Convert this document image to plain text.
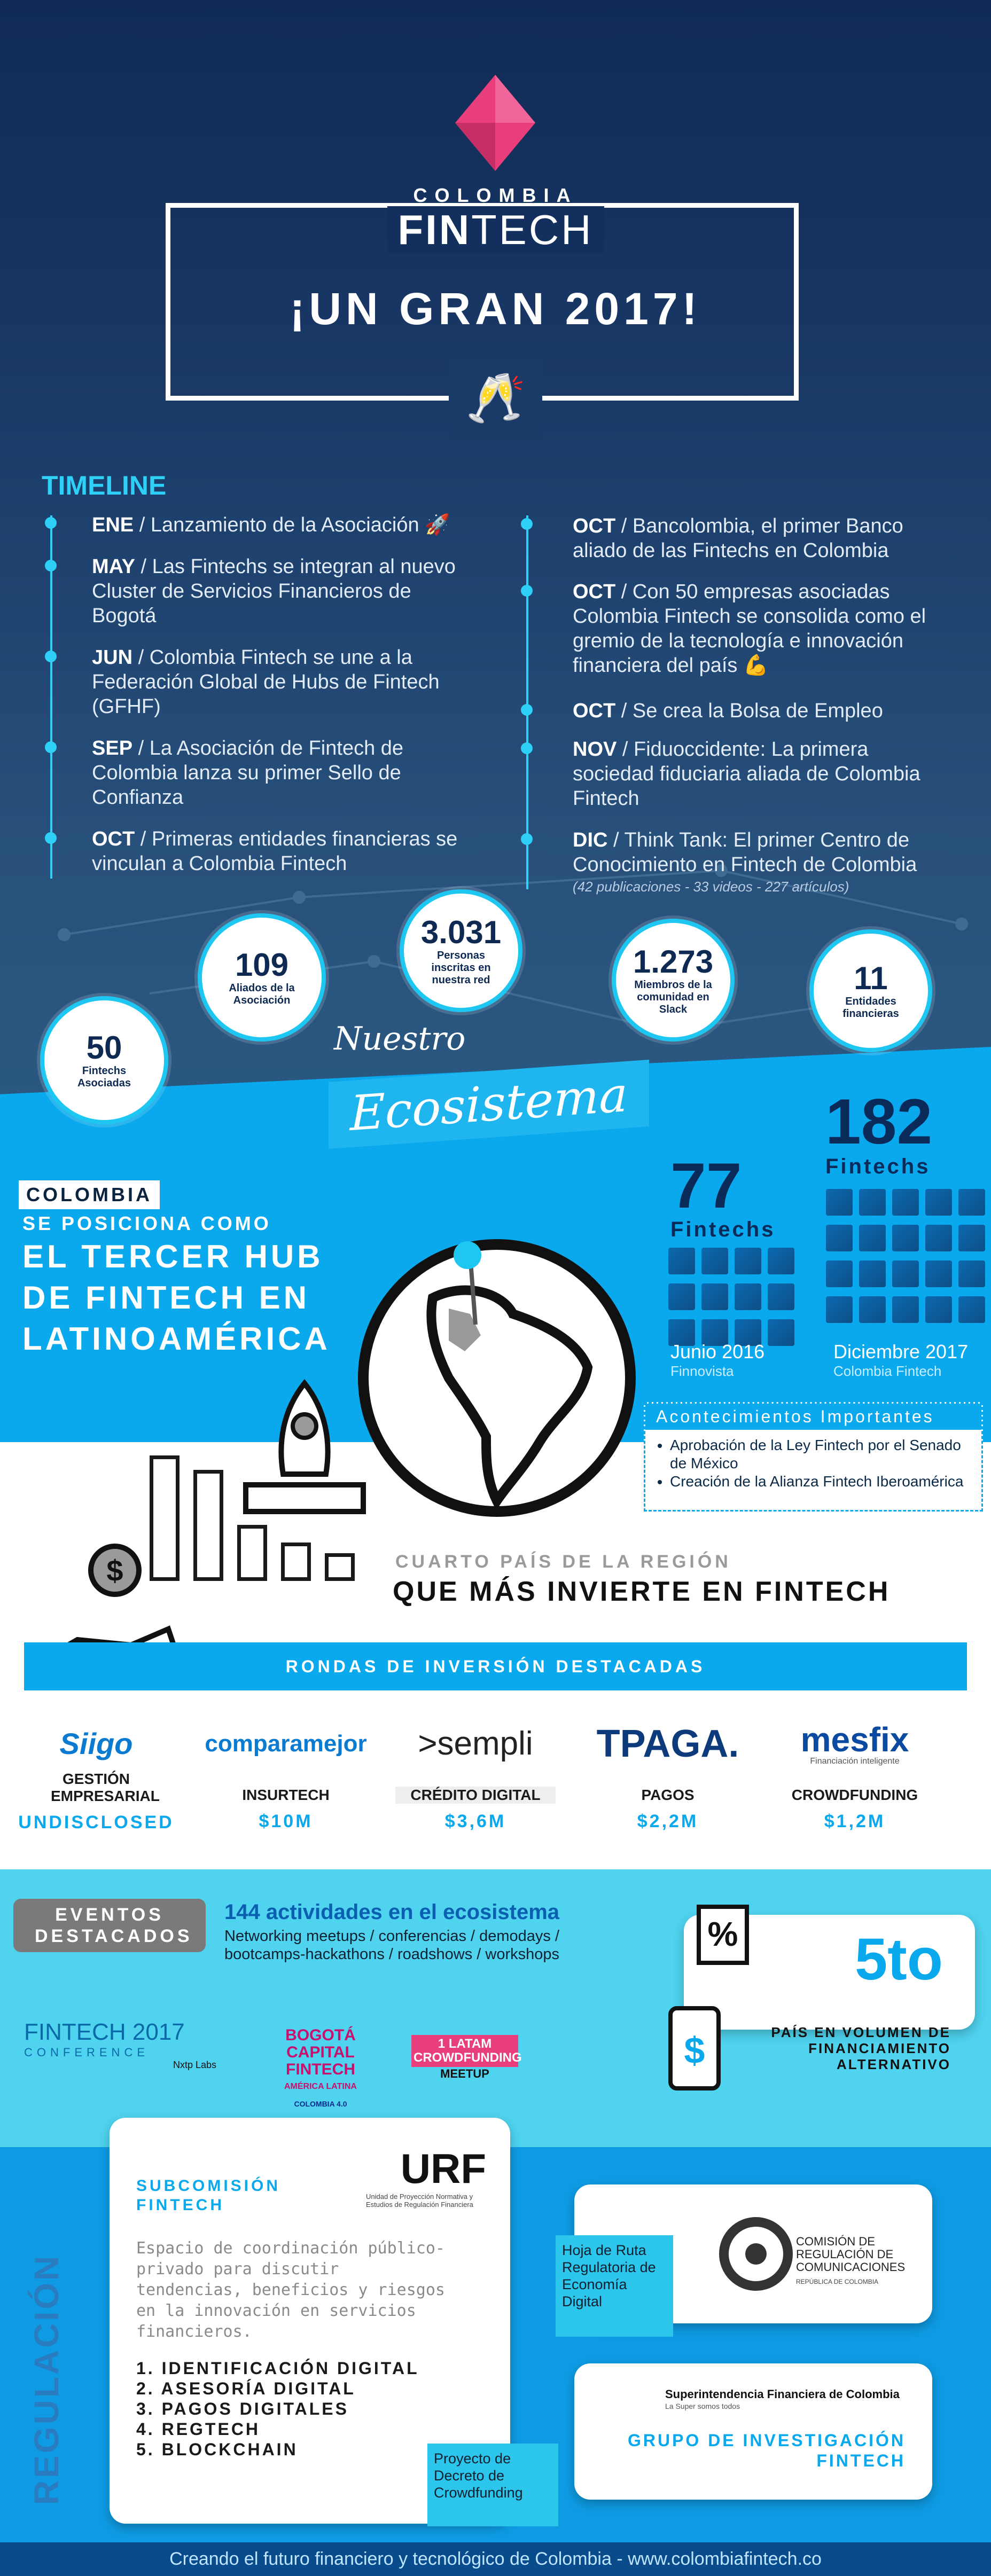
COLOMBIA
FINTECH
¡UN GRAN 2017!
🥂
TIMELINE
ENE / Lanzamiento de la Asociación 🚀
MAY / Las Fintechs se integran al nuevo Cluster de Servicios Financieros de Bogotá
JUN / Colombia Fintech se une a la Federación Global de Hubs de Fintech (GFHF)
SEP / La Asociación de Fintech de Colombia lanza su primer Sello de Confianza
OCT / Primeras entidades financieras se vinculan a Colombia Fintech
OCT / Bancolombia, el primer Banco aliado de las Fintechs en Colombia
OCT / Con 50 empresas asociadas Colombia Fintech se consolida como el gremio de la tecnología e innovación financiera del país 💪
OCT / Se crea la Bolsa de Empleo
NOV / Fiduoccidente: La primera sociedad fiduciaria aliada de Colombia Fintech
DIC / Think Tank: El primer Centro de Conocimiento en Fintech de Colombia
(42 publicaciones - 33 videos - 227 artículos)
50
Fintechs Asociadas
109
Aliados de la Asociación
3.031
Personas inscritas en nuestra red
1.273
Miembros de la comunidad en Slack
11
Entidades financieras
Nuestro
Ecosistema
COLOMBIA
SE POSICIONA COMO
EL TERCER HUB
DE FINTECH EN
LATINOAMÉRICA
77
Fintechs

Junio 2016
Finnovista
182
Fintechs

Diciembre 2017
Colombia Fintech
Acontecimientos Importantes
• Aprobación de la Ley Fintech por el Senado de México
• Creación de la Alianza Fintech Iberoamérica
$	CUARTO PAÍS DE LA REGIÓN
QUE MÁS INVIERTE EN FINTECH
RONDAS DE INVERSIÓN DESTACADAS
Siigo
GESTIÓN EMPRESARIAL
UNDISCLOSED
comparamejor
INSURTECH
$10M
>sempli
CRÉDITO DIGITAL
$3,6M
TPAGA.
PAGOS
$2,2M
mesfix
Financiación inteligente
CROWDFUNDING
$1,2M
EVENTOS
DESTACADOS
144 actividades en el ecosistema
Networking meetups / conferencias / demodays / bootcamps-hackathons / roadshows / workshops
FINTECH 2017
CONFERENCE
Nxtp Labs
BOGOTÁ CAPITAL FINTECH
AMÉRICA LATINA
COLOMBIA 4.0
1 LATAM CROWDFUNDING
MEETUP
5to
PAÍS EN VOLUMEN DE FINANCIAMIENTO ALTERNATIVO
%
$
REGULACIÓN
URF
Unidad de Proyección Normativa y Estudios de Regulación Financiera
SUBCOMISIÓN FINTECH
Espacio de coordinación público-privado para discutir tendencias, beneficios y riesgos en la innovación en servicios financieros.
1. IDENTIFICACIÓN DIGITAL
2. ASESORÍA DIGITAL
3. PAGOS DIGITALES
4. REGTECH
5. BLOCKCHAIN
COMISIÓN DE REGULACIÓN DE COMUNICACIONES
REPÚBLICA DE COLOMBIA
Hoja de Ruta Regulatoria de Economía Digital
Superintendencia Financiera de Colombia
La Super somos todos
GRUPO DE INVESTIGACIÓN FINTECH
Proyecto de Decreto de Crowdfunding
Creando el futuro financiero y tecnológico de Colombia - www.colombiafintech.co
